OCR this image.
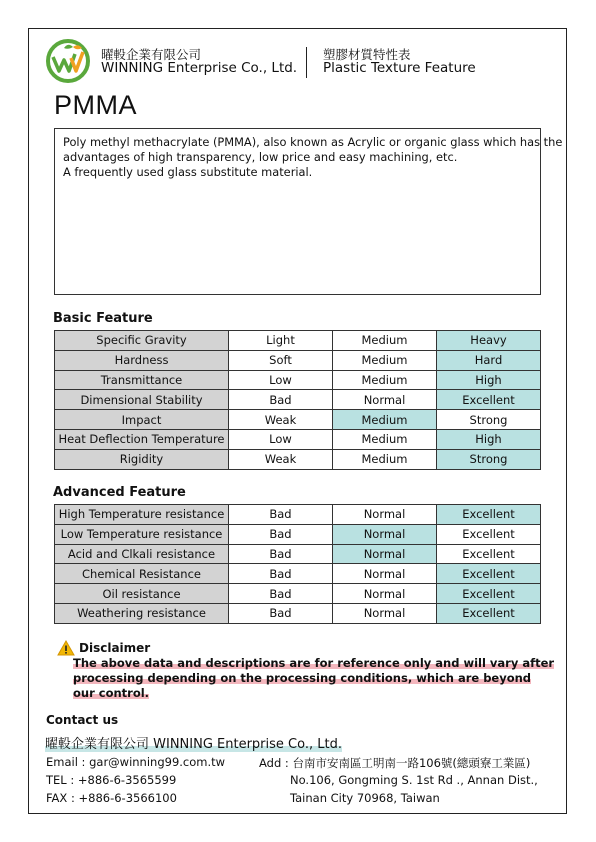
曜軗企業有限公司
WINNING Enterprise Co., Ltd.
塑膠材質特性表
Plastic Texture Feature
PMMA
Poly methyl methacrylate (PMMA), also known as Acrylic or organic glass which has the
advantages of high transparency, low price and easy machining, etc.
A frequently used glass substitute material.
Basic Feature
Specific Gravity	Light	Medium	Heavy
Hardness	Soft	Medium	Hard
Transmittance	Low	Medium	High
Dimensional Stability	Bad	Normal	Excellent
Impact	Weak	Medium	Strong
Heat Deflection Temperature	Low	Medium	High
Rigidity	Weak	Medium	Strong
Advanced Feature
High Temperature resistance	Bad	Normal	Excellent
Low Temperature resistance	Bad	Normal	Excellent
Acid and Clkali resistance	Bad	Normal	Excellent
Chemical Resistance	Bad	Normal	Excellent
Oil resistance	Bad	Normal	Excellent
Weathering resistance	Bad	Normal	Excellent
Disclaimer
The above data and descriptions are for reference only and will vary after
processing depending on the processing conditions, which are beyond
our control.
Contact us
曜軗企業有限公司 WINNING Enterprise Co., Ltd.
Email : gar@winning99.com.tw
TEL : +886-6-3565599
FAX : +886-6-3566100
Add : 台南市安南區工明南一路106號(總頭寮工業區)
No.106, Gongming S. 1st Rd ., Annan Dist.,
Tainan City 70968, Taiwan
